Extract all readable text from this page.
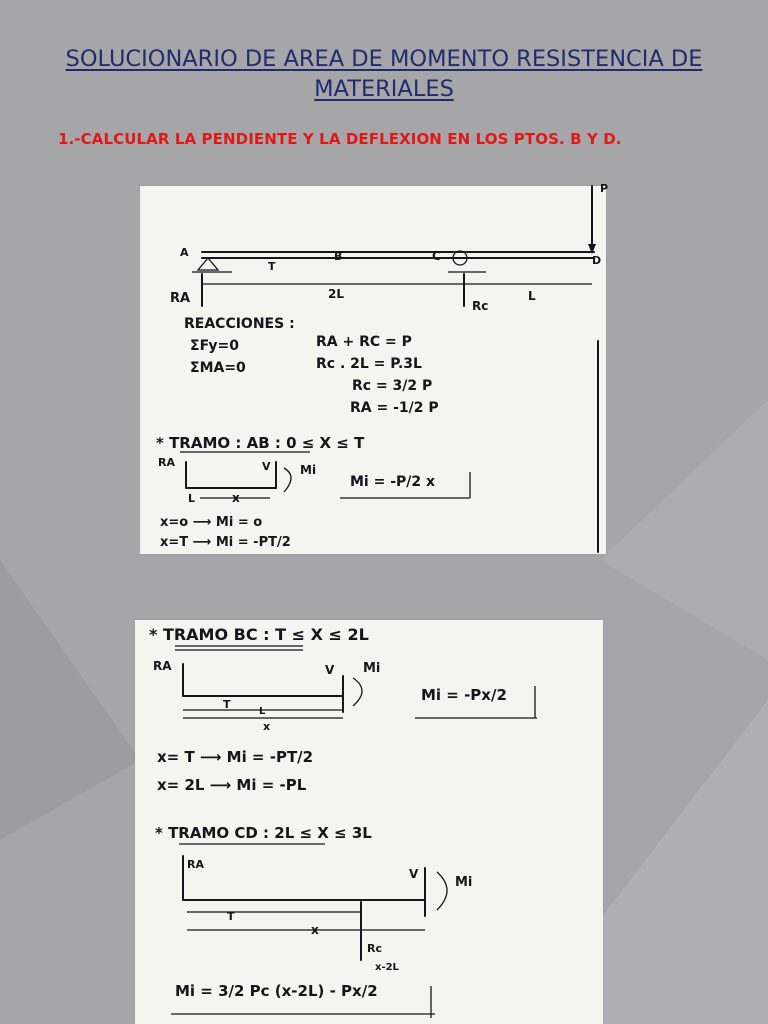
SOLUCIONARIO DE AREA DE MOMENTO RESISTENCIA DE
MATERIALES
1.-CALCULAR LA PENDIENTE Y LA DEFLEXION EN LOS PTOS. B Y D.
A	B	C	D
P
T
RA	Rc
2L	L
REACCIONES :
ΣFy=0
ΣMA=0
RA + RC = P
Rc . 2L = P.3L
Rc = 3/2 P
RA = -1/2 P
* TRAMO : AB : 0 ≤ X ≤ T
RA	V Mi
L	x
Mi = -P/2 x
x=o ⟶ Mi = o
x=T ⟶ Mi = -PT/2
* TRAMO BC : T ≤ X ≤ 2L
RA	V Mi
T
L
x
Mi = -Px/2
x= T ⟶ Mi = -PT/2
x= 2L ⟶ Mi = -PL
* TRAMO CD : 2L ≤ X ≤ 3L
RA
V
Mi
T
x
Rc
x-2L
Mi = 3/2 Pc (x-2L) - Px/2
